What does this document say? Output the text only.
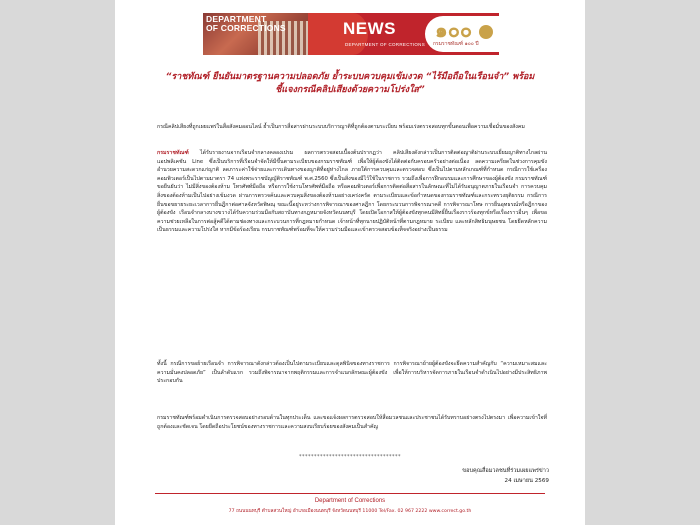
DEPARTMENT
OF CORRECTIONS	NEWS
DEPARTMENT OF CORRECTIONS
๑๐๐
กรมราชทัณฑ์ ๑๐๐ ปี
“ราชทัณฑ์ ยืนยันมาตรฐานความปลอดภัย ย้ำระบบควบคุมเข้มงวด “ไร้มือถือในเรือนจำ” พร้อมชี้แจงกรณีคลิปเสียงด้วยความโปร่งใส”
กรณีคลิปเสียงที่ถูกเผยแพร่ในสื่อสังคมออนไลน์ ย้ำเป็นการสื่อสารผ่านระบบบริการญาติที่ถูกต้องตามระเบียบ พร้อมเร่งตรวจสอบทุกขั้นตอนเพื่อความเชื่อมั่นของสังคม
กรมราชทัณฑ์ ได้รับรายงานจากเรือนจำกลางคลองเปรม ผลการตรวจสอบเบื้องต้นปรากฏว่า คลิปเสียงดังกล่าวเป็นการติดต่อญาติผ่านระบบเยี่ยมญาติทางไกลผ่านแอปพลิเคชัน Line ซึ่งเป็นบริการที่เรือนจำจัดให้มีขึ้นตามระเบียบของกรมราชทัณฑ์ เพื่อให้ผู้ต้องขังได้ติดต่อกับครอบครัวอย่างต่อเนื่อง ลดความเครียดในช่วงการคุมขัง อำนวยความสะดวกแก่ญาติ ลดภาระค่าใช้จ่ายและการเดินทางของญาติที่อยู่ห่างไกล ภายใต้การควบคุมและตรวจสอบ ซึ่งเป็นไปตามหลักเกณฑ์ที่กำหนด กรณีการใช้เครื่องคอมพิวเตอร์เป็นไปตามมาตรา 74 แห่งพระราชบัญญัติราชทัณฑ์ พ.ศ.2560 ซึ่งเป็นสิ่งของมีไว้ใช้ในราชการ รวมถึงเพื่อการฝึกอบรมและการศึกษาของผู้ต้องขัง กรมราชทัณฑ์ขอยืนยันว่า ไม่มีสิ่งของต้องห้าม โทรศัพท์มือถือ หรือการใช้งานโทรศัพท์มือถือ หรือคอมพิวเตอร์เพื่อการติดต่อสื่อสารในลักษณะที่ไม่ได้รับอนุญาตภายในเรือนจำ การควบคุมสิ่งของต้องห้ามเป็นไปอย่างเข้มงวด ผ่านการตรวจค้นและควบคุมสิ่งของต้องห้ามอย่างเคร่งครัด ตามระเบียบและข้อกำหนดของกรมราชทัณฑ์และกระทรวงยุติธรรม กรณีการยื่นขอขยายระยะเวลาการยื่นฎีกาต่อศาลจังหวัดพิษณุ ขณะนี้อยู่ระหว่างการพิจารณาของศาลฎีกา โดยกระบวนการพิจารณาคดี การพิจารณาโทษ การยื่นอุทธรณ์หรือฎีกาของผู้ต้องขัง เรือนจำกลางบางขวางได้รับความร่วมมือกับสถาบันทางกฎหมายจังหวัดนนทบุรี โดยเปิดโอกาสให้ผู้ต้องขังทุกคนมีสิทธิ์ยื่นเรื่องราวร้องทุกข์หรือเรื่องราวอื่นๆ เพื่อขอความช่วยเหลือในการต่อสู้คดีได้ตามช่องทางและกระบวนการที่กฎหมายกำหนด เจ้าหน้าที่ทุกนายปฏิบัติหน้าที่ตามกฎหมาย ระเบียบ และหลักสิทธิมนุษยชน โดยยึดหลักความเป็นธรรมและความโปร่งใส หากมีข้อร้องเรียน กรมราชทัณฑ์พร้อมที่จะให้ความร่วมมือและเข้าตรวจสอบข้อเท็จจริงอย่างเป็นธรรม
ทั้งนี้ กรณีการขอย้ายเรือนจำ การพิจารณาดังกล่าวต้องเป็นไปตามระเบียบและดุลพินิจของทางราชการ การพิจารณาย้ายผู้ต้องขังจะยึดความสำคัญกับ “ความเหมาะสมและความมั่นคงปลอดภัย” เป็นลำดับแรก รวมถึงพิจารณาจากพฤติกรรมและการจำแนกลักษณะผู้ต้องขัง เพื่อให้การบริหารจัดการภายในเรือนจำดำเนินไปอย่างมีประสิทธิภาพประกอบกัน
กรมราชทัณฑ์พร้อมดำเนินการตรวจสอบอย่างรอบด้านในทุกประเด็น และขอแจ้งผลการตรวจสอบให้สื่อมวลชนและประชาชนได้รับทราบอย่างตรงไปตรงมา เพื่อความเข้าใจที่ถูกต้องและชัดเจน โดยยึดถือประโยชน์ของทางราชการและความสงบเรียบร้อยของสังคมเป็นสำคัญ
**********************************
ขอบคุณสื่อมวลชนที่ร่วมเผยแพร่ข่าว
24 เมษายน 2569
Department of Corrections
77 ถนนนนทบุรี ตำบลสวนใหญ่ อำเภอเมืองนนทบุรี จังหวัดนนทบุรี 11000 Tel/Fax. 02 967 2222 www.correct.go.th
